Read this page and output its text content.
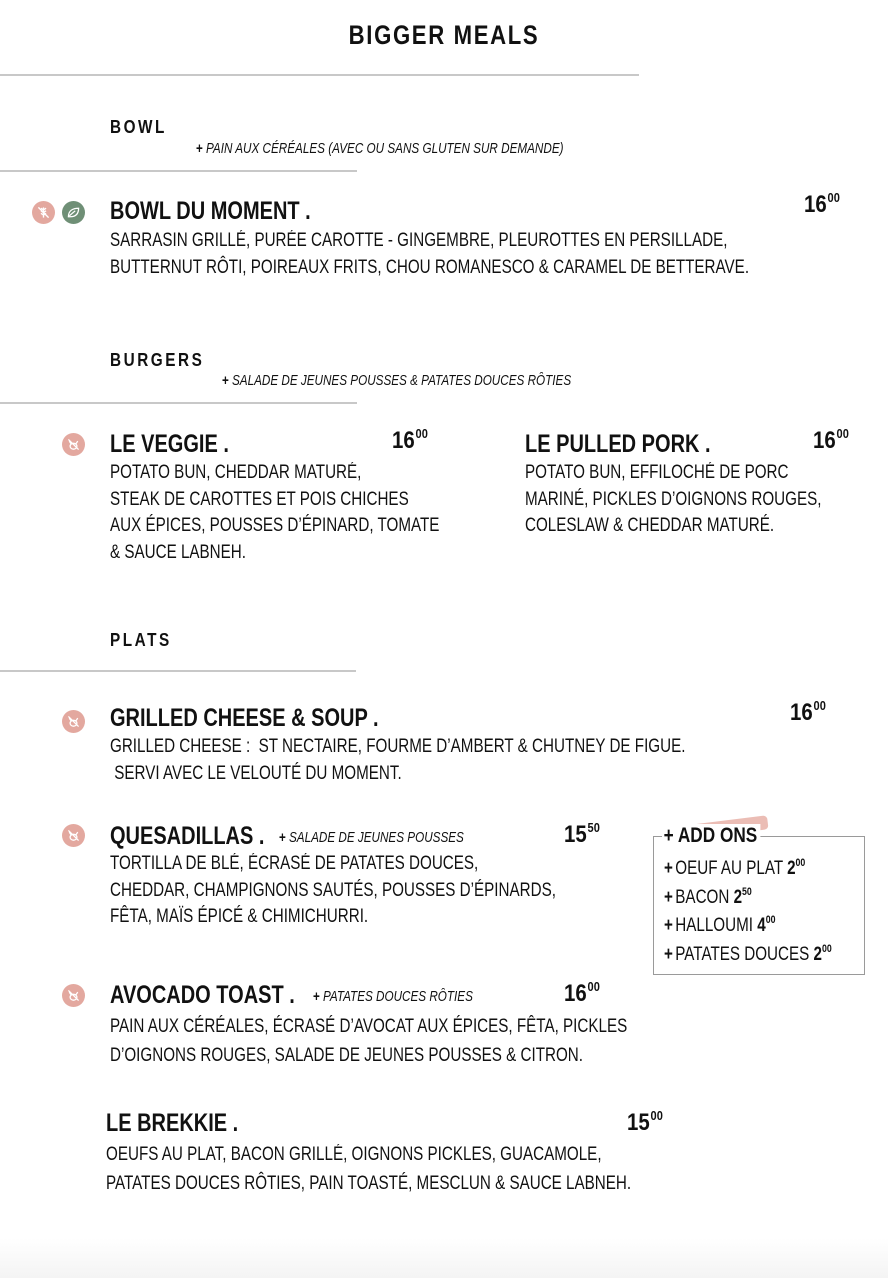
BIGGER MEALS
BOWL
+ PAIN AUX CÉRÉALES (AVEC OU SANS GLUTEN SUR DEMANDE)
BOWL DU MOMENT .	$16^{00}$
SARRASIN GRILLÉ, PURÉE CAROTTE - GINGEMBRE, PLEUROTTES EN PERSILLADE,
BUTTERNUT RÔTI, POIREAUX FRITS, CHOU ROMANESCO & CARAMEL DE BETTERAVE.
BURGERS
+ SALADE DE JEUNES POUSSES & PATATES DOUCES RÔTIES
LE VEGGIE .	$16^{00}$
POTATO BUN, CHEDDAR MATURÉ,
STEAK DE CAROTTES ET POIS CHICHES
AUX ÉPICES, POUSSES D’ÉPINARD, TOMATE
& SAUCE LABNEH.
LE PULLED PORK .	$16^{00}$
POTATO BUN, EFFILOCHÉ DE PORC
MARINÉ, PICKLES D’OIGNONS ROUGES,
COLESLAW & CHEDDAR MATURÉ.
PLATS
GRILLED CHEESE & SOUP .	$16^{00}$
GRILLED CHEESE :  ST NECTAIRE, FOURME D’AMBERT & CHUTNEY DE FIGUE.
SERVI AVEC LE VELOUTÉ DU MOMENT.
QUESADILLAS . + SALADE DE JEUNES POUSSES	$15^{50}$
TORTILLA DE BLÉ, ÉCRASÉ DE PATATES DOUCES,
CHEDDAR, CHAMPIGNONS SAUTÉS, POUSSES D’ÉPINARDS,
FÊTA, MAÏS ÉPICÉ & CHIMICHURRI.
+ ADD ONS
+ OEUF AU PLAT $2^{00}$
+ BACON $2^{50}$
+ HALLOUMI $4^{00}$
+ PATATES DOUCES $2^{00}$
AVOCADO TOAST . + PATATES DOUCES RÔTIES	$16^{00}$
PAIN AUX CÉRÉALES, ÉCRASÉ D’AVOCAT AUX ÉPICES, FÊTA, PICKLES
D’OIGNONS ROUGES, SALADE DE JEUNES POUSSES & CITRON.
LE BREKKIE .	$15^{00}$
OEUFS AU PLAT, BACON GRILLÉ, OIGNONS PICKLES, GUACAMOLE,
PATATES DOUCES RÔTIES, PAIN TOASTÉ, MESCLUN & SAUCE LABNEH.
